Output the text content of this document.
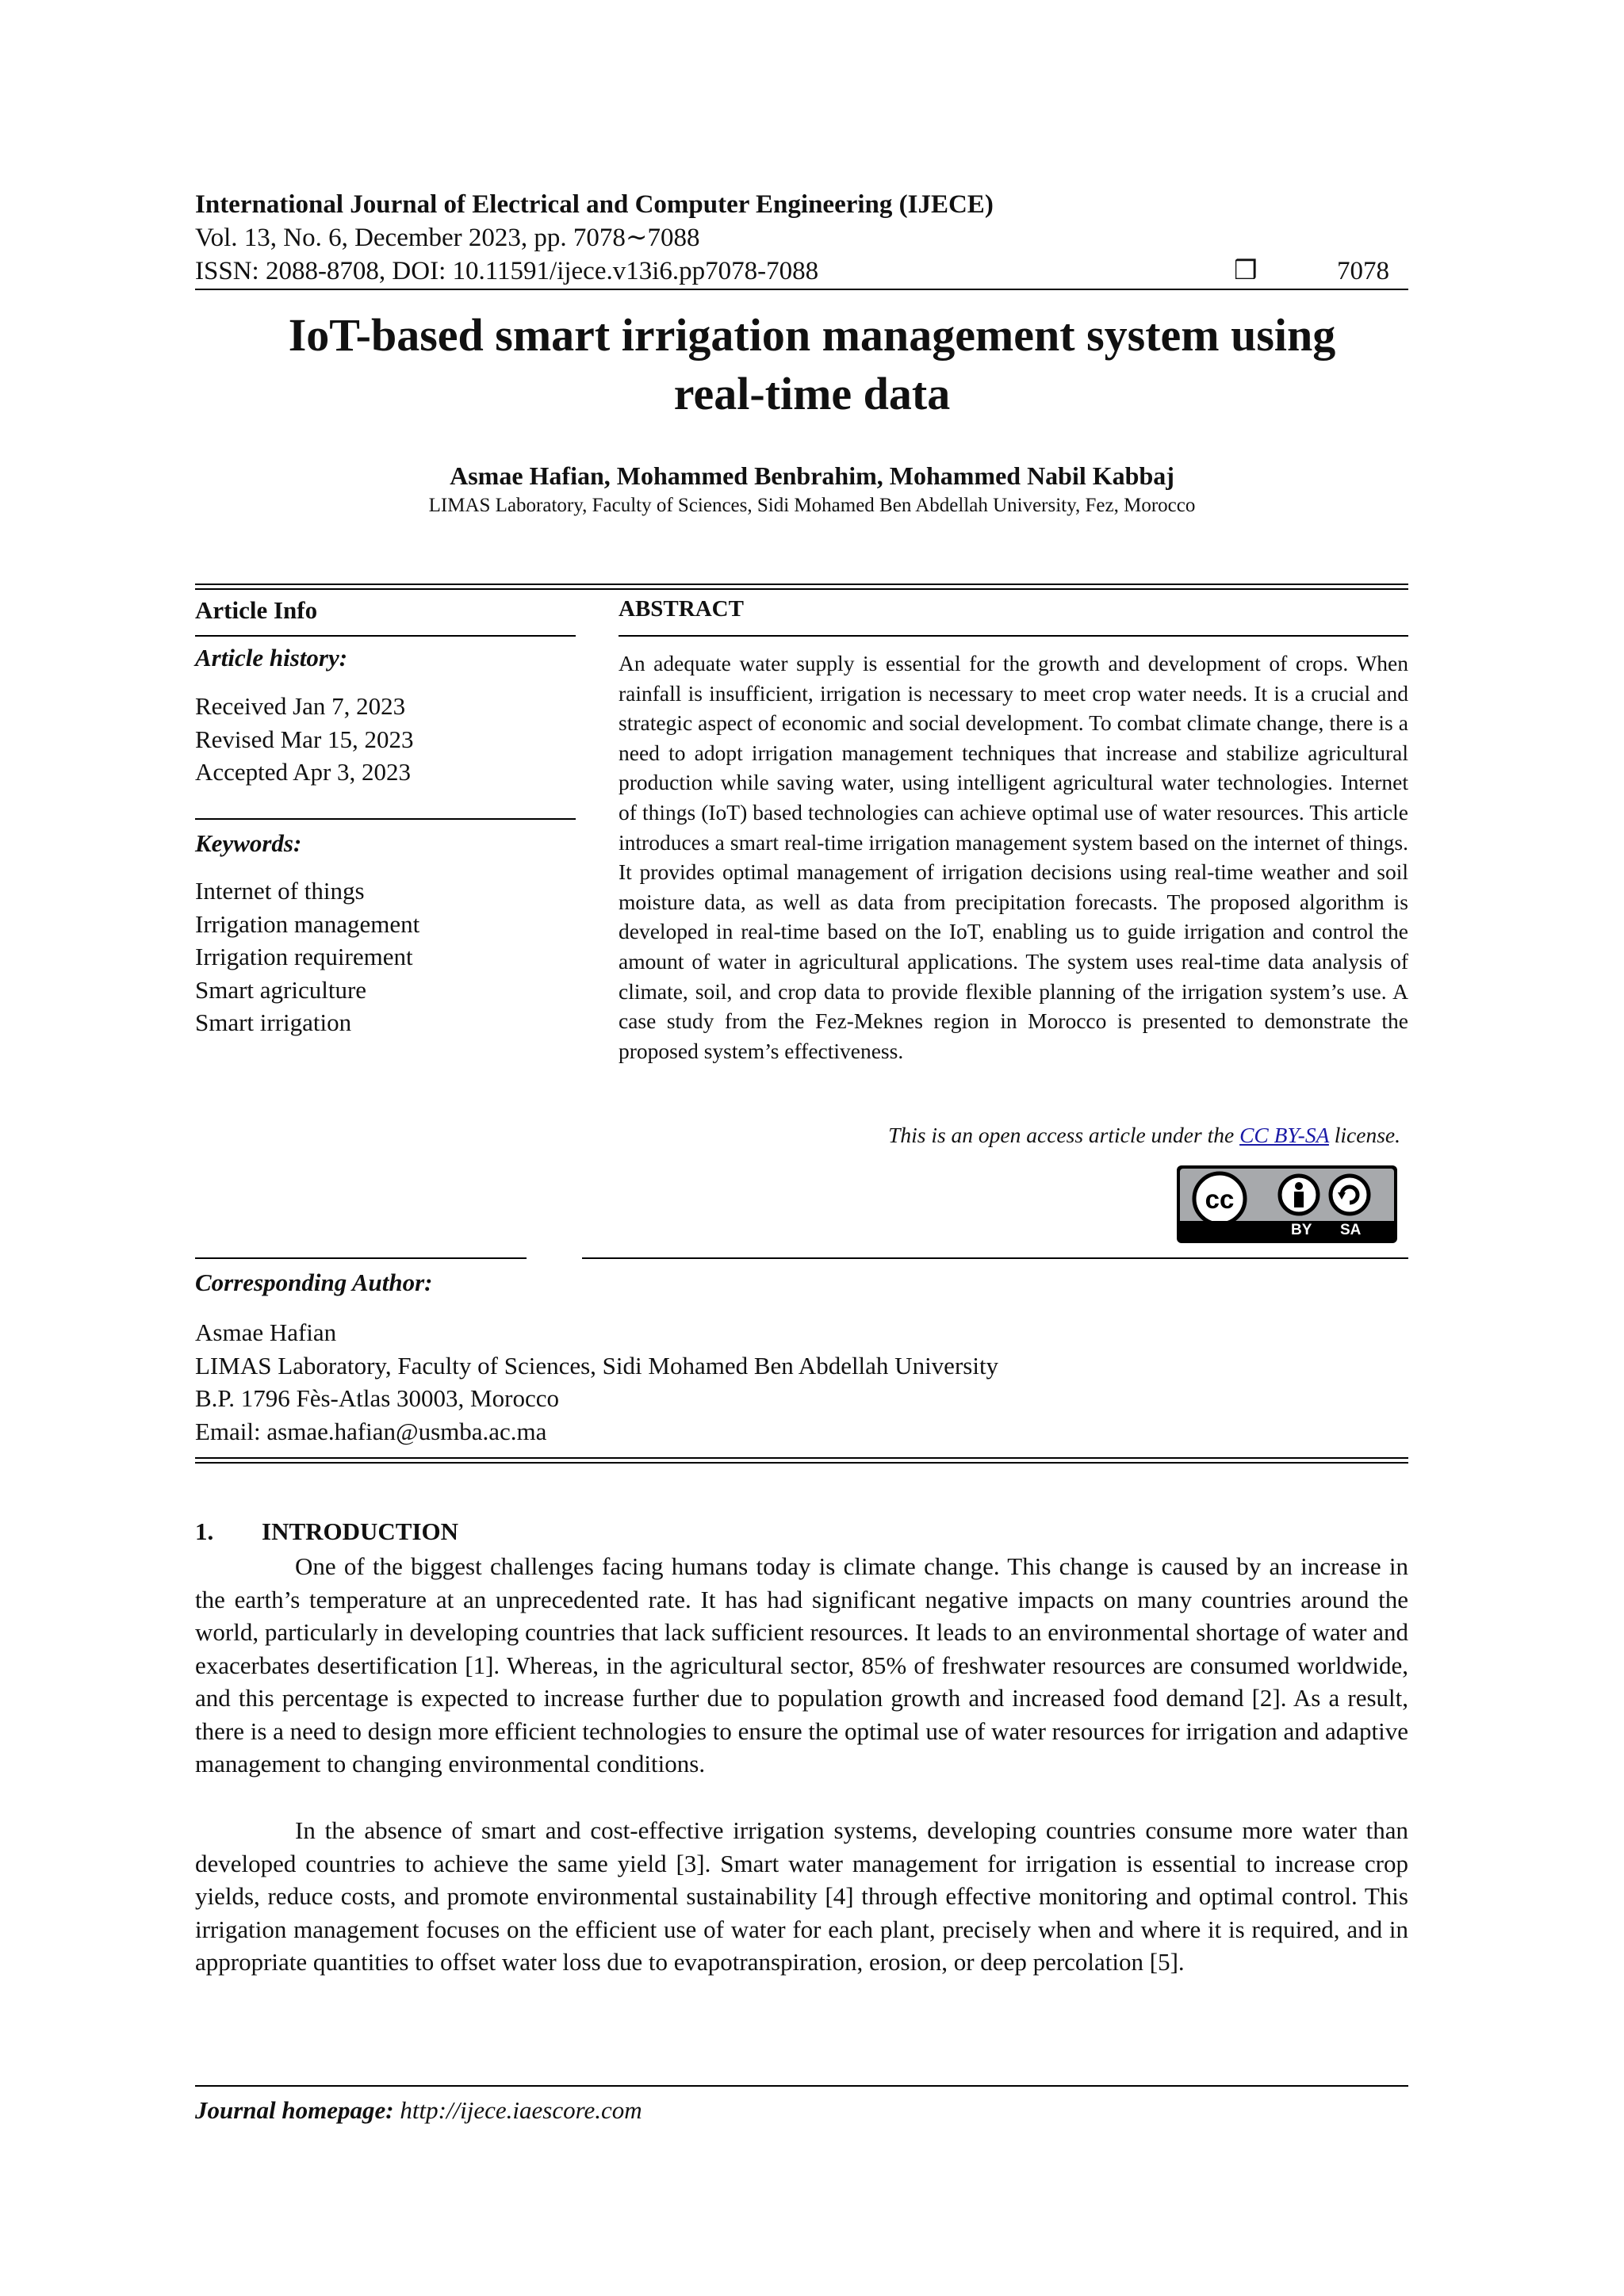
International Journal of Electrical and Computer Engineering (IJECE)
Vol. 13, No. 6, December 2023, pp. 7078∼7088
ISSN: 2088-8708, DOI: 10.11591/ijece.v13i6.pp7078-7088	❒	7078
IoT-based smart irrigation management system using
real-time data
Asmae Hafian, Mohammed Benbrahim, Mohammed Nabil Kabbaj
LIMAS Laboratory, Faculty of Sciences, Sidi Mohamed Ben Abdellah University, Fez, Morocco
Article Info
Article history:
Received Jan 7, 2023
Revised Mar 15, 2023
Accepted Apr 3, 2023
Keywords:
Internet of things
Irrigation management
Irrigation requirement
Smart agriculture
Smart irrigation
ABSTRACT
An adequate water supply is essential for the growth and development of crops. When rainfall is insufficient, irrigation is necessary to meet crop water needs. It is a crucial and strategic aspect of economic and social development. To combat climate change, there is a need to adopt irrigation management techniques that increase and stabilize agricultural production while saving water, using intelligent agricultural water technologies. Internet of things (IoT) based technologies can achieve optimal use of water resources. This article introduces a smart real-time irrigation management system based on the internet of things. It provides optimal management of irrigation decisions using real-time weather and soil moisture data, as well as data from precipitation forecasts. The proposed algorithm is developed in real-time based on the IoT, enabling us to guide irrigation and control the amount of water in agricultural applications. The system uses real-time data analysis of climate, soil, and crop data to provide flexible planning of the irrigation system’s use. A case study from the Fez-Meknes region in Morocco is presented to demonstrate the proposed system’s effectiveness.
This is an open access article under the CC BY-SA license.
cc
BY SA
Corresponding Author:
Asmae Hafian
LIMAS Laboratory, Faculty of Sciences, Sidi Mohamed Ben Abdellah University
B.P. 1796 Fès-Atlas 30003, Morocco
Email: asmae.hafian@usmba.ac.ma
1. INTRODUCTION
One of the biggest challenges facing humans today is climate change. This change is caused by an increase in the earth’s temperature at an unprecedented rate. It has had significant negative impacts on many countries around the world, particularly in developing countries that lack sufficient resources. It leads to an environmental shortage of water and exacerbates desertification [1]. Whereas, in the agricultural sector, 85% of freshwater resources are consumed worldwide, and this percentage is expected to increase further due to population growth and increased food demand [2]. As a result, there is a need to design more efficient technologies to ensure the optimal use of water resources for irrigation and adaptive management to changing environmental conditions.
In the absence of smart and cost-effective irrigation systems, developing countries consume more water than developed countries to achieve the same yield [3]. Smart water management for irrigation is essential to increase crop yields, reduce costs, and promote environmental sustainability [4] through effective monitoring and optimal control. This irrigation management focuses on the efficient use of water for each plant, precisely when and where it is required, and in appropriate quantities to offset water loss due to evapotranspiration, erosion, or deep percolation [5].
Journal homepage: http://ijece.iaescore.com
